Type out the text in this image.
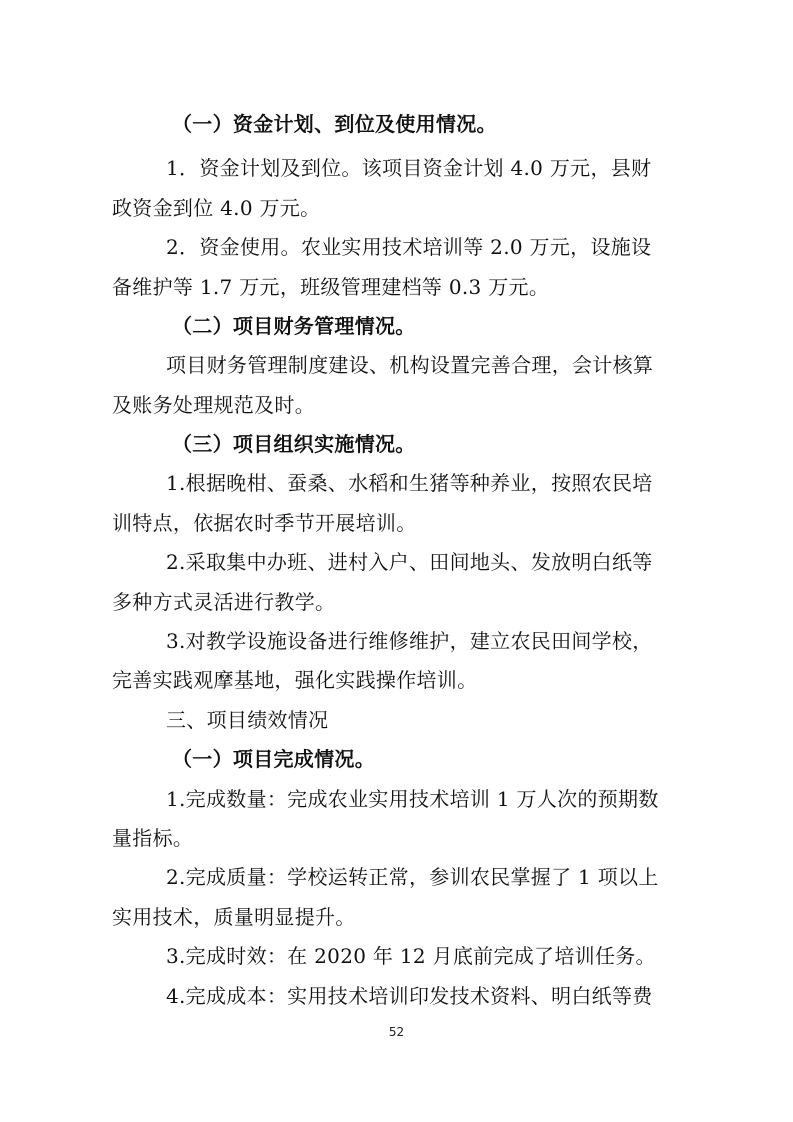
（一）资金计划、到位及使用情况。
1．资金计划及到位。该项目资金计划 4.0 万元，县财
政资金到位 4.0 万元。
2．资金使用。农业实用技术培训等 2.0 万元，设施设
备维护等 1.7 万元，班级管理建档等 0.3 万元。
（二）项目财务管理情况。
项目财务管理制度建设、机构设置完善合理，会计核算
及账务处理规范及时。
（三）项目组织实施情况。
1.根据晚柑、蚕桑、水稻和生猪等种养业，按照农民培
训特点，依据农时季节开展培训。
2.采取集中办班、进村入户、田间地头、发放明白纸等
多种方式灵活进行教学。
3.对教学设施设备进行维修维护，建立农民田间学校，
完善实践观摩基地，强化实践操作培训。
三、项目绩效情况
（一）项目完成情况。
1.完成数量：完成农业实用技术培训 1 万人次的预期数
量指标。
2.完成质量：学校运转正常，参训农民掌握了 1 项以上
实用技术，质量明显提升。
3.完成时效：在 2020 年 12 月底前完成了培训任务。
4.完成成本：实用技术培训印发技术资料、明白纸等费
52
